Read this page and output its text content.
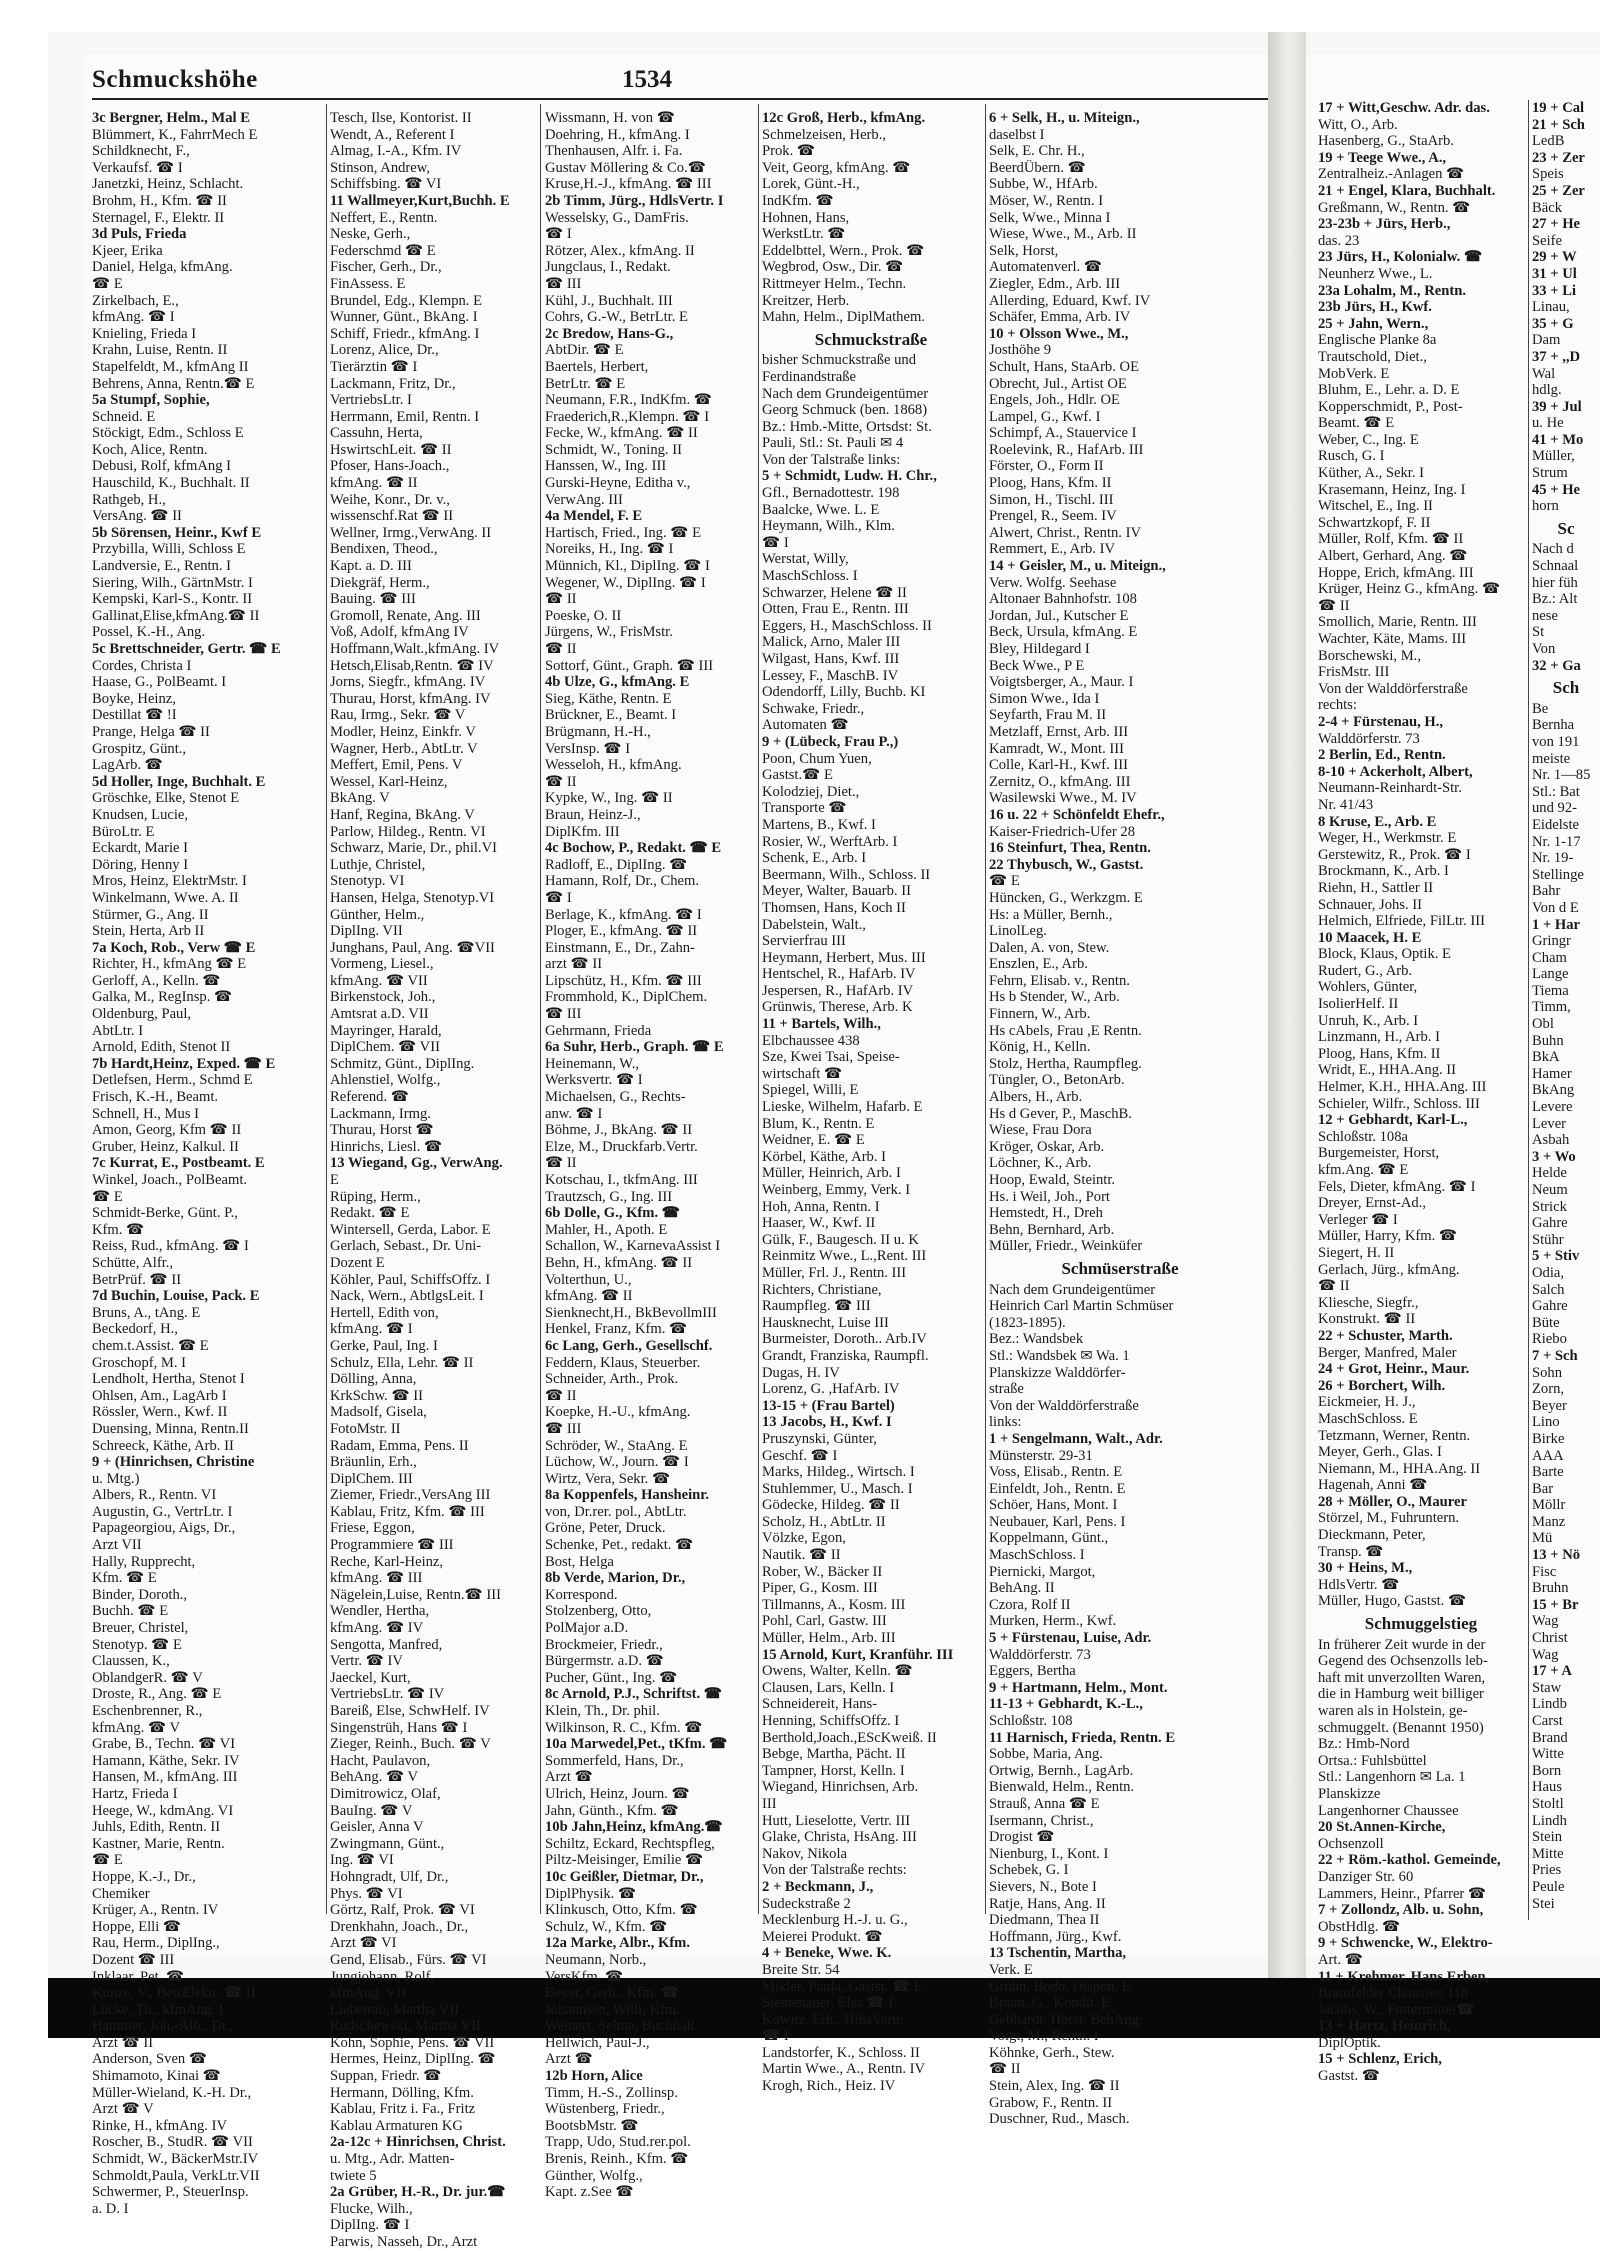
Schmuckshöhe	1534
3c Bergner, Helm., Mal E
Blümmert, K., FahrrMech E
Schildknecht, F.,
Verkaufsf. ☎ I
Janetzki, Heinz, Schlacht.
Brohm, H., Kfm. ☎ II
Sternagel, F., Elektr. II
3d Puls, Frieda
Kjeer, Erika
Daniel, Helga, kfmAng.
☎ E
Zirkelbach, E.,
kfmAng. ☎ I
Knieling, Frieda I
Krahn, Luise, Rentn. II
Stapelfeldt, M., kfmAng II
Behrens, Anna, Rentn.☎ E
5a Stumpf, Sophie,
Schneid. E
Stöckigt, Edm., Schloss E
Koch, Alice, Rentn.
Debusi, Rolf, kfmAng I
Hauschild, K., Buchhalt. II
Rathgeb, H.,
VersAng. ☎ II
5b Sörensen, Heinr., Kwf E
Przybilla, Willi, Schloss E
Landversie, E., Rentn. I
Siering, Wilh., GärtnMstr. I
Kempski, Karl-S., Kontr. II
Gallinat,Elise,kfmAng.☎ II
Possel, K.-H., Ang.
5c Brettschneider, Gertr. ☎ E
Cordes, Christa I
Haase, G., PolBeamt. I
Boyke, Heinz,
Destillat ☎ !I
Prange, Helga ☎ II
Grospitz, Günt.,
LagArb. ☎
5d Holler, Inge, Buchhalt. E
Gröschke, Elke, Stenot E
Knudsen, Lucie,
BüroLtr. E
Eckardt, Marie I
Döring, Henny I
Mros, Heinz, ElektrMstr. I
Winkelmann, Wwe. A. II
Stürmer, G., Ang. II
Stein, Herta, Arb II
7a Koch, Rob., Verw ☎ E
Richter, H., kfmAng ☎ E
Gerloff, A., Kelln. ☎
Galka, M., RegInsp. ☎
Oldenburg, Paul,
AbtLtr. I
Arnold, Edith, Stenot II
7b Hardt,Heinz, Exped. ☎ E
Detlefsen, Herm., Schmd E
Frisch, K.-H., Beamt.
Schnell, H., Mus I
Amon, Georg, Kfm ☎ II
Gruber, Heinz, Kalkul. II
7c Kurrat, E., Postbeamt. E
Winkel, Joach., PolBeamt.
☎ E
Schmidt-Berke, Günt. P.,
Kfm. ☎
Reiss, Rud., kfmAng. ☎ I
Schütte, Alfr.,
BetrPrüf. ☎ II
7d Buchin, Louise, Pack. E
Bruns, A., tAng. E
Beckedorf, H.,
chem.t.Assist. ☎ E
Groschopf, M. I
Lendholt, Hertha, Stenot I
Ohlsen, Am., LagArb I
Rössler, Wern., Kwf. II
Duensing, Minna, Rentn.II
Schreeck, Käthe, Arb. II
9 + (Hinrichsen, Christine
u. Mtg.)
Albers, R., Rentn. VI
Augustin, G., VertrLtr. I
Papageorgiou, Aigs, Dr.,
Arzt VII
Hally, Rupprecht,
Kfm. ☎ E
Binder, Doroth.,
Buchh. ☎ E
Breuer, Christel,
Stenotyp. ☎ E
Claussen, K.,
OblandgerR. ☎ V
Droste, R., Ang. ☎ E
Eschenbrenner, R.,
kfmAng. ☎ V
Grabe, B., Techn. ☎ VI
Hamann, Käthe, Sekr. IV
Hansen, M., kfmAng. III
Hartz, Frieda I
Heege, W., kdmAng. VI
Juhls, Edith, Rentn. II
Kastner, Marie, Rentn.
☎ E
Hoppe, K.-J., Dr.,
Chemiker
Krüger, A., Rentn. IV
Hoppe, Elli ☎
Rau, Herm., DiplIng.,
Dozent ☎ III
Inklaar, Pet. ☎
Kunze, V., BetrElektr. ☎ II
Lücke, Th., kfmAng. I
Hammer, Joh.-Alb., Dr.,
Arzt ☎ II
Anderson, Sven ☎
Shimamoto, Kinai ☎
Müller-Wieland, K.-H. Dr.,
Arzt ☎ V
Rinke, H., kfmAng. IV
Roscher, B., StudR. ☎ VII
Schmidt, W., BäckerMstr.IV
Schmoldt,Paula, VerkLtr.VII
Schwermer, P., SteuerInsp.
a. D. I
Tesch, Ilse, Kontorist. II
Wendt, A., Referent I
Almag, I.-A., Kfm. IV
Stinson, Andrew,
Schiffsbing. ☎ VI
11 Wallmeyer,Kurt,Buchh. E
Neffert, E., Rentn.
Neske, Gerh.,
Federschmd ☎ E
Fischer, Gerh., Dr.,
FinAssess. E
Brundel, Edg., Klempn. E
Wunner, Günt., BkAng. I
Schiff, Friedr., kfmAng. I
Lorenz, Alice, Dr.,
Tierärztin ☎ I
Lackmann, Fritz, Dr.,
VertriebsLtr. I
Herrmann, Emil, Rentn. I
Cassuhn, Herta,
HswirtschLeit. ☎ II
Pfoser, Hans-Joach.,
kfmAng. ☎ II
Weihe, Konr., Dr. v.,
wissenschf.Rat ☎ II
Wellner, Irmg.,VerwAng. II
Bendixen, Theod.,
Kapt. a. D. III
Diekgräf, Herm.,
Bauing. ☎ III
Gromoll, Renate, Ang. III
Voß, Adolf, kfmAng IV
Hoffmann,Walt.,kfmAng. IV
Hetsch,Elisab,Rentn. ☎ IV
Jorns, Siegfr., kfmAng. IV
Thurau, Horst, kfmAng. IV
Rau, Irmg., Sekr. ☎ V
Modler, Heinz, Einkfr. V
Wagner, Herb., AbtLtr. V
Meffert, Emil, Pens. V
Wessel, Karl-Heinz,
BkAng. V
Hanf, Regina, BkAng. V
Parlow, Hildeg., Rentn. VI
Schwarz, Marie, Dr., phil.VI
Luthje, Christel,
Stenotyp. VI
Hansen, Helga, Stenotyp.VI
Günther, Helm.,
DiplIng. VII
Junghans, Paul, Ang. ☎VII
Vormeng, Liesel.,
kfmAng. ☎ VII
Birkenstock, Joh.,
Amtsrat a.D. VII
Mayringer, Harald,
DiplChem. ☎ VII
Schmitz, Günt., DiplIng.
Ahlenstiel, Wolfg.,
Referend. ☎
Lackmann, Irmg.
Thurau, Horst ☎
Hinrichs, Liesl. ☎
13 Wiegand, Gg., VerwAng.
E
Rüping, Herm.,
Redakt. ☎ E
Wintersell, Gerda, Labor. E
Gerlach, Sebast., Dr. Uni-
Dozent E
Köhler, Paul, SchiffsOffz. I
Nack, Wern., AbtlgsLeit. I
Hertell, Edith von,
kfmAng. ☎ I
Gerke, Paul, Ing. I
Schulz, Ella, Lehr. ☎ II
Dölling, Anna,
KrkSchw. ☎ II
Madsolf, Gisela,
FotoMstr. II
Radam, Emma, Pens. II
Bräunlin, Erh.,
DiplChem. III
Ziemer, Friedr.,VersAng III
Kablau, Fritz, Kfm. ☎ III
Friese, Eggon,
Programmiere ☎ III
Reche, Karl-Heinz,
kfmAng. ☎ III
Nägelein,Luise, Rentn.☎ III
Wendler, Hertha,
kfmAng. ☎ IV
Sengotta, Manfred,
Vertr. ☎ IV
Jaeckel, Kurt,
VertriebsLtr. ☎ IV
Bareiß, Else, SchwHelf. IV
Singenstrüh, Hans ☎ I
Zieger, Reinh., Buch. ☎ V
Hacht, Paulavon,
BehAng. ☎ V
Dimitrowicz, Olaf,
BauIng. ☎ V
Geisler, Anna V
Zwingmann, Günt.,
Ing. ☎ VI
Hohngradt, Ulf, Dr.,
Phys. ☎ VI
Görtz, Ralf, Prok. ☎ VI
Drenkhahn, Joach., Dr.,
Arzt ☎ VI
Gend, Elisab., Fürs. ☎ VI
Jungjohann, Rolf,
kfmAng. VII
Liebetrau, Martha VII
Rudschewski, Martha VII
Kohn, Sophie, Pens. ☎ VII
Hermes, Heinz, DiplIng. ☎
Suppan, Friedr. ☎
Hermann, Dölling, Kfm.
Kablau, Fritz i. Fa., Fritz
Kablau Armaturen KG
2a-12c + Hinrichsen, Christ.
u. Mtg., Adr. Matten-
twiete 5
2a Grüber, H.-R., Dr. jur.☎
Flucke, Wilh.,
DiplIng. ☎ I
Parwis, Nasseh, Dr., Arzt
Wissmann, H. von ☎
Doehring, H., kfmAng. I
Thenhausen, Alfr. i. Fa.
Gustav Möllering & Co.☎
Kruse,H.-J., kfmAng. ☎ III
2b Timm, Jürg., HdlsVertr. I
Wesselsky, G., DamFris.
☎ I
Rötzer, Alex., kfmAng. II
Jungclaus, I., Redakt.
☎ III
Kühl, J., Buchhalt. III
Cohrs, G.-W., BetrLtr. E
2c Bredow, Hans-G.,
AbtDir. ☎ E
Baertels, Herbert,
BetrLtr. ☎ E
Neumann, F.R., IndKfm. ☎
Fraederich,R.,Klempn. ☎ I
Fecke, W., kfmAng. ☎ II
Schmidt, W., Toning. II
Hanssen, W., Ing. III
Gurski-Heyne, Editha v.,
VerwAng. III
4a Mendel, F. E
Hartisch, Fried., Ing. ☎ E
Noreiks, H., Ing. ☎ I
Münnich, Kl., DiplIng. ☎ I
Wegener, W., DiplIng. ☎ I
☎ II
Poeske, O. II
Jürgens, W., FrisMstr.
☎ II
Sottorf, Günt., Graph. ☎ III
4b Ulze, G., kfmAng. E
Sieg, Käthe, Rentn. E
Brückner, E., Beamt. I
Brügmann, H.-H.,
VersInsp. ☎ I
Wesseloh, H., kfmAng.
☎ II
Kypke, W., Ing. ☎ II
Braun, Heinz-J.,
DiplKfm. III
4c Bochow, P., Redakt. ☎ E
Radloff, E., DiplIng. ☎
Hamann, Rolf, Dr., Chem.
☎ I
Berlage, K., kfmAng. ☎ I
Ploger, E., kfmAng. ☎ II
Einstmann, E., Dr., Zahn-
arzt ☎ II
Lipschütz, H., Kfm. ☎ III
Frommhold, K., DiplChem.
☎ III
Gehrmann, Frieda
6a Suhr, Herb., Graph. ☎ E
Heinemann, W.,
Werksvertr. ☎ I
Michaelsen, G., Rechts-
anw. ☎ I
Böhme, J., BkAng. ☎ II
Elze, M., Druckfarb.Vertr.
☎ II
Kotschau, I., tkfmAng. III
Trautzsch, G., Ing. III
6b Dolle, G., Kfm. ☎
Mahler, H., Apoth. E
Schallon, W., KarnevaAssist I
Behn, H., kfmAng. ☎ II
Volterthun, U.,
kfmAng. ☎ II
Sienknecht,H., BkBevollmIII
Henkel, Franz, Kfm. ☎
6c Lang, Gerh., Gesellschf.
Feddern, Klaus, Steuerber.
Schneider, Arth., Prok.
☎ II
Koepke, H.-U., kfmAng.
☎ III
Schröder, W., StaAng. E
Lüchow, W., Journ. ☎ I
Wirtz, Vera, Sekr. ☎
8a Koppenfels, Hansheinr.
von, Dr.rer. pol., AbtLtr.
Gröne, Peter, Druck.
Schenke, Pet., redakt. ☎
Bost, Helga
8b Verde, Marion, Dr.,
Korrespond.
Stolzenberg, Otto,
PolMajor a.D.
Brockmeier, Friedr.,
Bürgermstr. a.D. ☎
Pucher, Günt., Ing. ☎
8c Arnold, P.J., Schriftst. ☎
Klein, Th., Dr. phil.
Wilkinson, R. C., Kfm. ☎
10a Marwedel,Pet., tKfm. ☎
Sommerfeld, Hans, Dr.,
Arzt ☎
Ulrich, Heinz, Journ. ☎
Jahn, Günth., Kfm. ☎
10b Jahn,Heinz, kfmAng.☎
Schiltz, Eckard, Rechtspfleg,
Piltz-Meisinger, Emilie ☎
10c Geißler, Dietmar, Dr.,
DiplPhysik. ☎
Klinkusch, Otto, Kfm. ☎
Schulz, W., Kfm. ☎
12a Marke, Albr., Kfm.
Neumann, Norb.,
VersKfm. ☎
Beyer, Gerh., Kfm. ☎
Johannsen, Willi, Kfm.
Weinert, Selma, Buchhalt.
Hellwich, Paul-J.,
Arzt ☎
12b Horn, Alice
Timm, H.-S., Zollinsp.
Wüstenberg, Friedr.,
BootsbMstr. ☎
Trapp, Udo, Stud.rer.pol.
Brenis, Reinh., Kfm. ☎
Günther, Wolfg.,
Kapt. z.See ☎
12c Groß, Herb., kfmAng.
Schmelzeisen, Herb.,
Prok. ☎
Veit, Georg, kfmAng. ☎
Lorek, Günt.-H.,
IndKfm. ☎
Hohnen, Hans,
WerkstLtr. ☎
Eddelbttel, Wern., Prok. ☎
Wegbrod, Osw., Dir. ☎
Rittmeyer Helm., Techn.
Kreitzer, Herb.
Mahn, Helm., DiplMathem.
Schmuckstraße
bisher Schmuckstraße und
Ferdinandstraße
Nach dem Grundeigentümer
Georg Schmuck (ben. 1868)
Bz.: Hmb.-Mitte, Ortsdst: St.
Pauli, Stl.: St. Pauli ✉ 4
Von der Talstraße links:
5 + Schmidt, Ludw. H. Chr.,
Gfl., Bernadottestr. 198
Baalcke, Wwe. L. E
Heymann, Wilh., Klm.
☎ I
Werstat, Willy,
MaschSchloss. I
Schwarzer, Helene ☎ II
Otten, Frau E., Rentn. III
Eggers, H., MaschSchloss. II
Malick, Arno, Maler III
Wilgast, Hans, Kwf. III
Lessey, F., MaschB. IV
Odendorff, Lilly, Buchb. KI
Schwake, Friedr.,
Automaten ☎
9 + (Lübeck, Frau P.,)
Poon, Chum Yuen,
Gastst.☎ E
Kolodziej, Diet.,
Transporte ☎
Martens, B., Kwf. I
Rosier, W., WerftArb. I
Schenk, E., Arb. I
Beermann, Wilh., Schloss. II
Meyer, Walter, Bauarb. II
Thomsen, Hans, Koch II
Dabelstein, Walt.,
Servierfrau III
Heymann, Herbert, Mus. III
Hentschel, R., HafArb. IV
Jespersen, R., HafArb. IV
Grünwis, Therese, Arb. K
11 + Bartels, Wilh.,
Elbchaussee 438
Sze, Kwei Tsai, Speise-
wirtschaft ☎
Spiegel, Willi, E
Lieske, Wilhelm, Hafarb. E
Blum, K., Rentn. E
Weidner, E. ☎ E
Körbel, Käthe, Arb. I
Müller, Heinrich, Arb. I
Weinberg, Emmy, Verk. I
Hoh, Anna, Rentn. I
Haaser, W., Kwf. II
Gülk, F., Baugesch. II u. K
Reinmitz Wwe., L.,Rent. III
Müller, Frl. J., Rentn. III
Richters, Christiane,
Raumpfleg. ☎ III
Hausknecht, Luise III
Burmeister, Doroth.. Arb.IV
Grandt, Franziska, Raumpfl.
Dugas, H. IV
Lorenz, G. ,HafArb. IV
13-15 + (Frau Bartel)
13 Jacobs, H., Kwf. I
Pruszynski, Günter,
Geschf. ☎ I
Marks, Hildeg., Wirtsch. I
Stuhlemmer, U., Masch. I
Gödecke, Hildeg. ☎ II
Scholz, H., AbtLtr. II
Völzke, Egon,
Nautik. ☎ II
Rober, W., Bäcker II
Piper, G., Kosm. III
Tillmanns, A., Kosm. III
Pohl, Carl, Gastw. III
Müller, Helm., Arb. III
15 Arnold, Kurt, Kranführ. III
Owens, Walter, Kelln. ☎
Clausen, Lars, Kelln. I
Schneidereit, Hans-
Henning, SchiffsOffz. I
Berthold,Joach.,EScKweiß. II
Bebge, Martha, Pächt. II
Tampner, Horst, Kelln. I
Wiegand, Hinrichsen, Arb.
III
Hutt, Lieselotte, Vertr. III
Glake, Christa, HsAng. III
Nakov, Nikola
Von der Talstraße rechts:
2 + Beckmann, J.,
Sudeckstraße 2
Mecklenburg H.-J. u. G.,
Meierei Produkt. ☎
4 + Beneke, Wwe. K.
Breite Str. 54
Mikler, Paula, Gastst. ☎ E
Siemenauer, Elsa ☎ I
Kowitz, Erh., HdlsVertr.
☎ I
Landstorfer, K., Schloss. II
Martin Wwe., A., Rentn. IV
Krogh, Rich., Heiz. IV
6 + Selk, H., u. Miteign.,
daselbst I
Selk, E. Chr. H.,
BeerdÜbern. ☎
Subbe, W., HfArb.
Möser, W., Rentn. I
Selk, Wwe., Minna I
Wiese, Wwe., M., Arb. II
Selk, Horst,
Automatenverl. ☎
Ziegler, Edm., Arb. III
Allerding, Eduard, Kwf. IV
Schäfer, Emma, Arb. IV
10 + Olsson Wwe., M.,
Josthöhe 9
Schult, Hans, StaArb. OE
Obrecht, Jul., Artist OE
Engels, Joh., Hdlr. OE
Lampel, G., Kwf. I
Schimpf, A., Stauervice I
Roelevink, R., HafArb. III
Förster, O., Form II
Ploog, Hans, Kfm. II
Simon, H., Tischl. III
Prengel, R., Seem. IV
Alwert, Christ., Rentn. IV
Remmert, E., Arb. IV
14 + Geisler, M., u. Miteign.,
Verw. Wolfg. Seehase
Altonaer Bahnhofstr. 108
Jordan, Jul., Kutscher E
Beck, Ursula, kfmAng. E
Bley, Hildegard I
Beck Wwe., P E
Voigtsberger, A., Maur. I
Simon Wwe., Ida I
Seyfarth, Frau M. II
Metzlaff, Ernst, Arb. III
Kamradt, W., Mont. III
Colle, Karl-H., Kwf. III
Zernitz, O., kfmAng. III
Wasilewski Wwe., M. IV
16 u. 22 + Schönfeldt Ehefr.,
Kaiser-Friedrich-Ufer 28
16 Steinfurt, Thea, Rentn.
22 Thybusch, W., Gastst.
☎ E
Hüncken, G., Werkzgm. E
Hs: a Müller, Bernh.,
LinolLeg.
Dalen, A. von, Stew.
Enszlen, E., Arb.
Fehrn, Elisab. v., Rentn.
Hs b Stender, W., Arb.
Finnern, W., Arb.
Hs cAbels, Frau ,E Rentn.
König, H., Kelln.
Stolz, Hertha, Raumpfleg.
Tüngler, O., BetonArb.
Albers, H., Arb.
Hs d Gever, P., MaschB.
Wiese, Frau Dora
Kröger, Oskar, Arb.
Löchner, K., Arb.
Hoop, Ewald, Steintr.
Hs. i Weil, Joh., Port
Hemstedt, H., Dreh
Behn, Bernhard, Arb.
Müller, Friedr., Weinküfer
Schmüserstraße
Nach dem Grundeigentümer
Heinrich Carl Martin Schmüser
(1823-1895).
Bez.: Wandsbek
Stl.: Wandsbek ✉ Wa. 1
Planskizze Walddörfer-
straße
Von der Walddörferstraße
links:
1 + Sengelmann, Walt., Adr.
Münsterstr. 29-31
Voss, Elisab., Rentn. E
Einfeldt, Joh., Rentn. E
Schöer, Hans, Mont. I
Neubauer, Karl, Pens. I
Koppelmann, Günt.,
MaschSchloss. I
Piernicki, Margot,
BehAng. II
Czora, Rolf II
Murken, Herm., Kwf.
5 + Fürstenau, Luise, Adr.
Walddörferstr. 73
Eggers, Bertha
9 + Hartmann, Helm., Mont.
11-13 + Gebhardt, K.-L.,
Schloßstr. 108
11 Harnisch, Frieda, Rentn. E
Sobbe, Maria, Ang.
Ortwig, Bernh., LagArb.
Bienwald, Helm., Rentn.
Strauß, Anna ☎ E
Isermann, Christ.,
Drogist ☎
Nienburg, I., Kont. I
Schebek, G. I
Sievers, N., Bote I
Ratje, Hans, Ang. II
Diedmann, Thea II
Hoffmann, Jürg., Kwf.
13 Tschentin, Martha,
Verk. E
Gruhn, Bodo, Dispon. E
Braun, G., Kondit. E
Gebhardt, Horst, BehAng.
Voigt, M., Rentn. I
Köhnke, Gerh., Stew.
☎ II
Stein, Alex, Ing. ☎ II
Grabow, F., Rentn. II
Duschner, Rud., Masch.
17 + Witt,Geschw. Adr. das.
Witt, O., Arb.
Hasenberg, G., StaArb.
19 + Teege Wwe., A.,
Zentralheiz.-Anlagen ☎
21 + Engel, Klara, Buchhalt.
Greßmann, W., Rentn. ☎
23-23b + Jürs, Herb.,
das. 23
23 Jürs, H., Kolonialw. ☎
Neunherz Wwe., L.
23a Lohalm, M., Rentn.
23b Jürs, H., Kwf.
25 + Jahn, Wern.,
Englische Planke 8a
Trautschold, Diet.,
MobVerk. E
Bluhm, E., Lehr. a. D. E
Kopperschmidt, P., Post-
Beamt. ☎ E
Weber, C., Ing. E
Rusch, G. I
Küther, A., Sekr. I
Krasemann, Heinz, Ing. I
Witschel, E., Ing. II
Schwartzkopf, F. II
Müller, Rolf, Kfm. ☎ II
Albert, Gerhard, Ang. ☎
Hoppe, Erich, kfmAng. III
Krüger, Heinz G., kfmAng. ☎
☎ II
Smollich, Marie, Rentn. III
Wachter, Käte, Mams. III
Borschewski, M.,
FrisMstr. III
Von der Walddörferstraße
rechts:
2-4 + Fürstenau, H.,
Walddörferstr. 73
2 Berlin, Ed., Rentn.
8-10 + Ackerholt, Albert,
Neumann-Reinhardt-Str.
Nr. 41/43
8 Kruse, E., Arb. E
Weger, H., Werkmstr. E
Gerstewitz, R., Prok. ☎ I
Brockmann, K., Arb. I
Riehn, H., Sattler II
Schnauer, Johs. II
Helmich, Elfriede, FilLtr. III
10 Maacek, H. E
Block, Klaus, Optik. E
Rudert, G., Arb.
Wohlers, Günter,
IsolierHelf. II
Unruh, K., Arb. I
Linzmann, H., Arb. I
Ploog, Hans, Kfm. II
Wridt, E., HHA.Ang. II
Helmer, K.H., HHA.Ang. III
Schieler, Wilfr., Schloss. III
12 + Gebhardt, Karl-L.,
Schloßstr. 108a
Burgemeister, Horst,
kfm.Ang. ☎ E
Fels, Dieter, kfmAng. ☎ I
Dreyer, Ernst-Ad.,
Verleger ☎ I
Müller, Harry, Kfm. ☎
Siegert, H. II
Gerlach, Jürg., kfmAng.
☎ II
Kliesche, Siegfr.,
Konstrukt. ☎ II
22 + Schuster, Marth.
Berger, Manfred, Maler
24 + Grot, Heinr., Maur.
26 + Borchert, Wilh.
Eickmeier, H. J.,
MaschSchloss. E
Tetzmann, Werner, Rentn.
Meyer, Gerh., Glas. I
Niemann, M., HHA.Ang. II
Hagenah, Anni ☎
28 + Möller, O., Maurer
Störzel, M., Fuhruntern.
Dieckmann, Peter,
Transp. ☎
30 + Heins, M.,
HdlsVertr. ☎
Müller, Hugo, Gastst. ☎
Schmuggelstieg
In früherer Zeit wurde in der
Gegend des Ochsenzolls leb-
haft mit unverzollten Waren,
die in Hamburg weit billiger
waren als in Holstein, ge-
schmuggelt. (Benannt 1950)
Bz.: Hmb-Nord
Ortsa.: Fuhlsbüttel
Stl.: Langenhorn ✉ La. 1
Planskizze
Langenhorner Chaussee
20 St.Annen-Kirche,
Ochsenzoll
22 + Röm.-kathol. Gemeinde,
Danziger Str. 60
Lammers, Heinr., Pfarrer ☎
7 + Zollondz, Alb. u. Sohn,
ObstHdlg. ☎
9 + Schwencke, W., Elektro-
Art. ☎
11 + Krehmer, Hans Erben,
Bramfelder Chaussee 118
Jacobs, W., Futtermittel☎
13 + Hartz, Heinrich,
DiplOptik.
15 + Schlenz, Erich,
Gastst. ☎
19 + Cal
21 + Sch
LedB
23 + Zer
Speis
25 + Zer
Bäck
27 + He
Seife
29 + W
31 + Ul
33 + Li
Linau,
35 + G
Dam
37 + ,,D
Wal
hdlg.
39 + Jul
u. He
41 + Mo
Müller,
Strum
45 + He
horn
Sc
Nach d
Schnaal
hier füh
Bz.: Alt
nese
St
Von
32 + Ga
Sch
Be
Bernha
von 191
meiste
Nr. 1—85
Stl.: Bat
und 92-
Eidelste
Nr. 1-17
Nr. 19-
Stellinge
Bahr
Von d E
1 + Har
Gringr
Cham
Lange
Tiema
Timm,
Obl
Buhn
BkA
Hamer
BkAng
Levere
Lever
Asbah
3 + Wo
Helde
Neum
Strick
Gahre
Stühr
5 + Stiv
Odia,
Salch
Gahre
Büte
Riebo
7 + Sch
Sohn
Zorn,
Beyer
Lino
Birke
AAA
Barte
Bar
Möllr
Manz
Mü
13 + Nö
Fisc
Bruhn
15 + Br
Wag
Christ
Wag
17 + A
Staw
Lindb
Carst
Brand
Witte
Born
Haus
Stoltl
Lindh
Stein
Mitte
Pries
Peule
Stei
